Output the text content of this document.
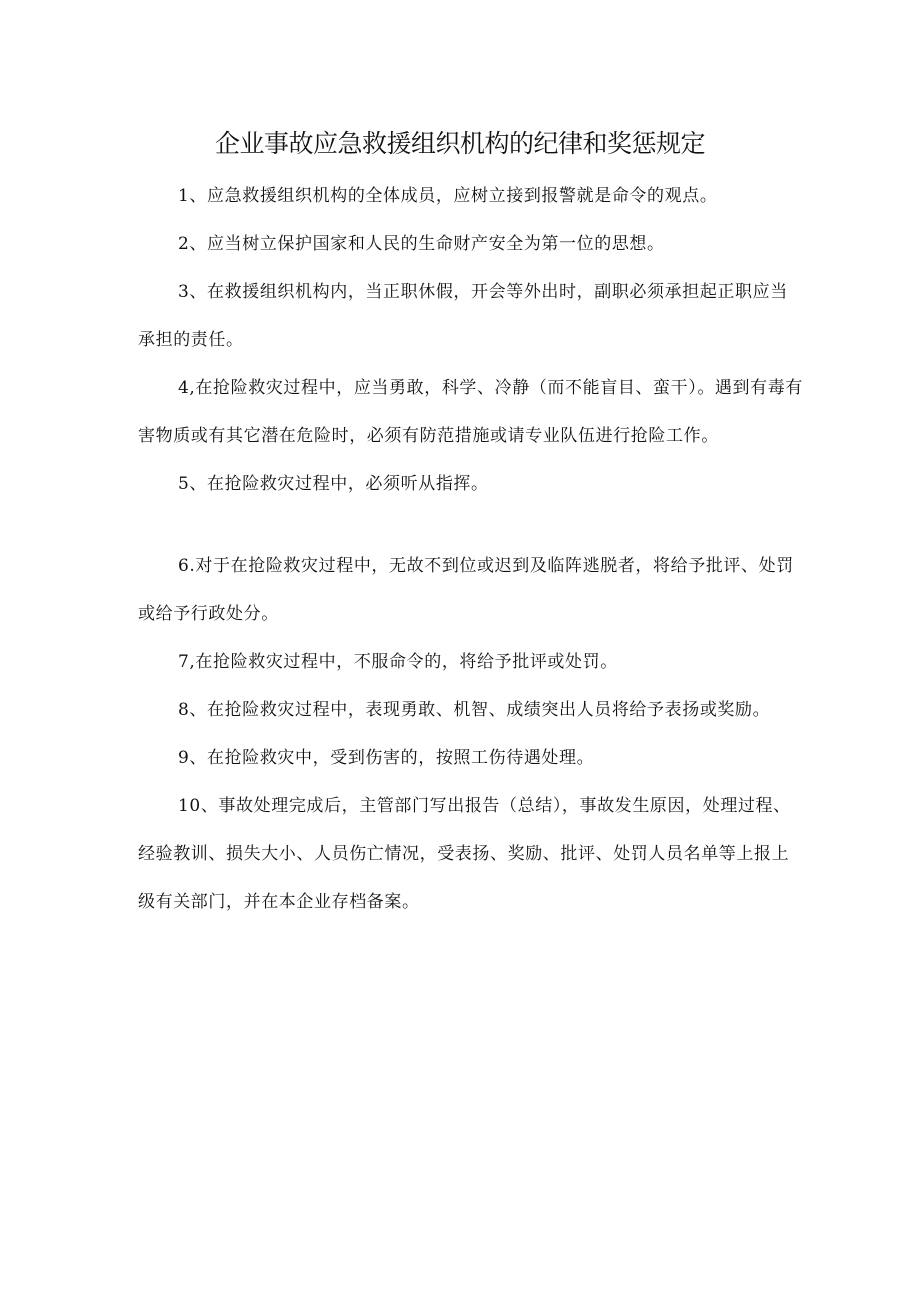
企业事故应急救援组织机构的纪律和奖惩规定

1、应急救援组织机构的全体成员，应树立接到报警就是命令的观点。

2、应当树立保护国家和人民的生命财产安全为第一位的思想。

3、在救援组织机构内，当正职休假，开会等外出时，副职必须承担起正职应当承担的责任。

4,在抢险救灾过程中，应当勇敢，科学、冷静（而不能盲目、蛮干）。遇到有毒有害物质或有其它潜在危险时，必须有防范措施或请专业队伍进行抢险工作。

5、在抢险救灾过程中，必须听从指挥。

6.对于在抢险救灾过程中，无故不到位或迟到及临阵逃脱者，将给予批评、处罚或给予行政处分。

7,在抢险救灾过程中，不服命令的，将给予批评或处罚。

8、在抢险救灾过程中，表现勇敢、机智、成绩突出人员将给予表扬或奖励。

9、在抢险救灾中，受到伤害的，按照工伤待遇处理。

10、事故处理完成后，主管部门写出报告（总结），事故发生原因，处理过程、经验教训、损失大小、人员伤亡情况，受表扬、奖励、批评、处罚人员名单等上报上级有关部门，并在本企业存档备案。
